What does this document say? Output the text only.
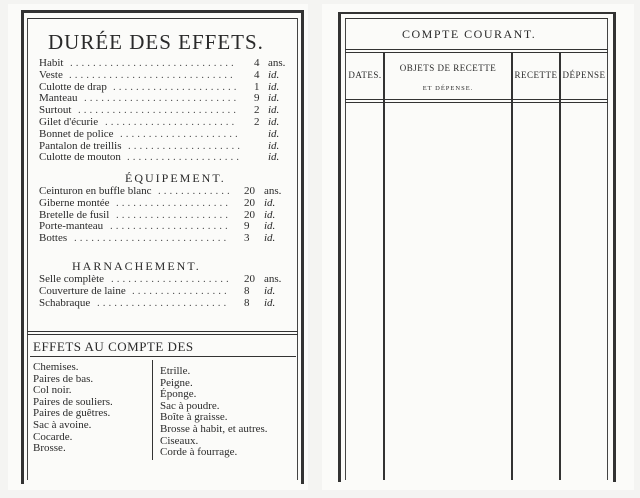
DURÉE DES EFFETS.
Habit .............................	4 ans.
Veste .............................	4 id.
Culotte de drap ......................	1 id.
Manteau ...........................	9 id.
Surtout ............................	2 id.
Gilet d'écurie .......................	2 id.
Bonnet de police .....................	id.
Pantalon de treillis ....................	id.
Culotte de mouton ....................	id.
ÉQUIPEMENT.
Ceinturon en buffle blanc .............	20 ans.
Giberne montée ....................	20 id.
Bretelle de fusil ....................	20 id.
Porte-manteau .....................	9 id.
Bottes ...........................	3 id.
HARNACHEMENT.
Selle complète .....................	20 ans.
Couverture de laine .................	8 id.
Schabraque .......................	8 id.
EFFETS AU COMPTE DES
Chemises.
Paires de bas.
Col noir.
Paires de souliers.
Paires de guêtres.
Sac à avoine.
Cocarde.
Brosse.
Etrille.
Peigne.
Éponge.
Sac à poudre.
Boîte à graisse.
Brosse à habit, et autres.
Ciseaux.
Corde à fourrage.
COMPTE COURANT.
DATES.
OBJETS DE RECETTE
ET DÉPENSE.
RECETTE DÉPENSE
